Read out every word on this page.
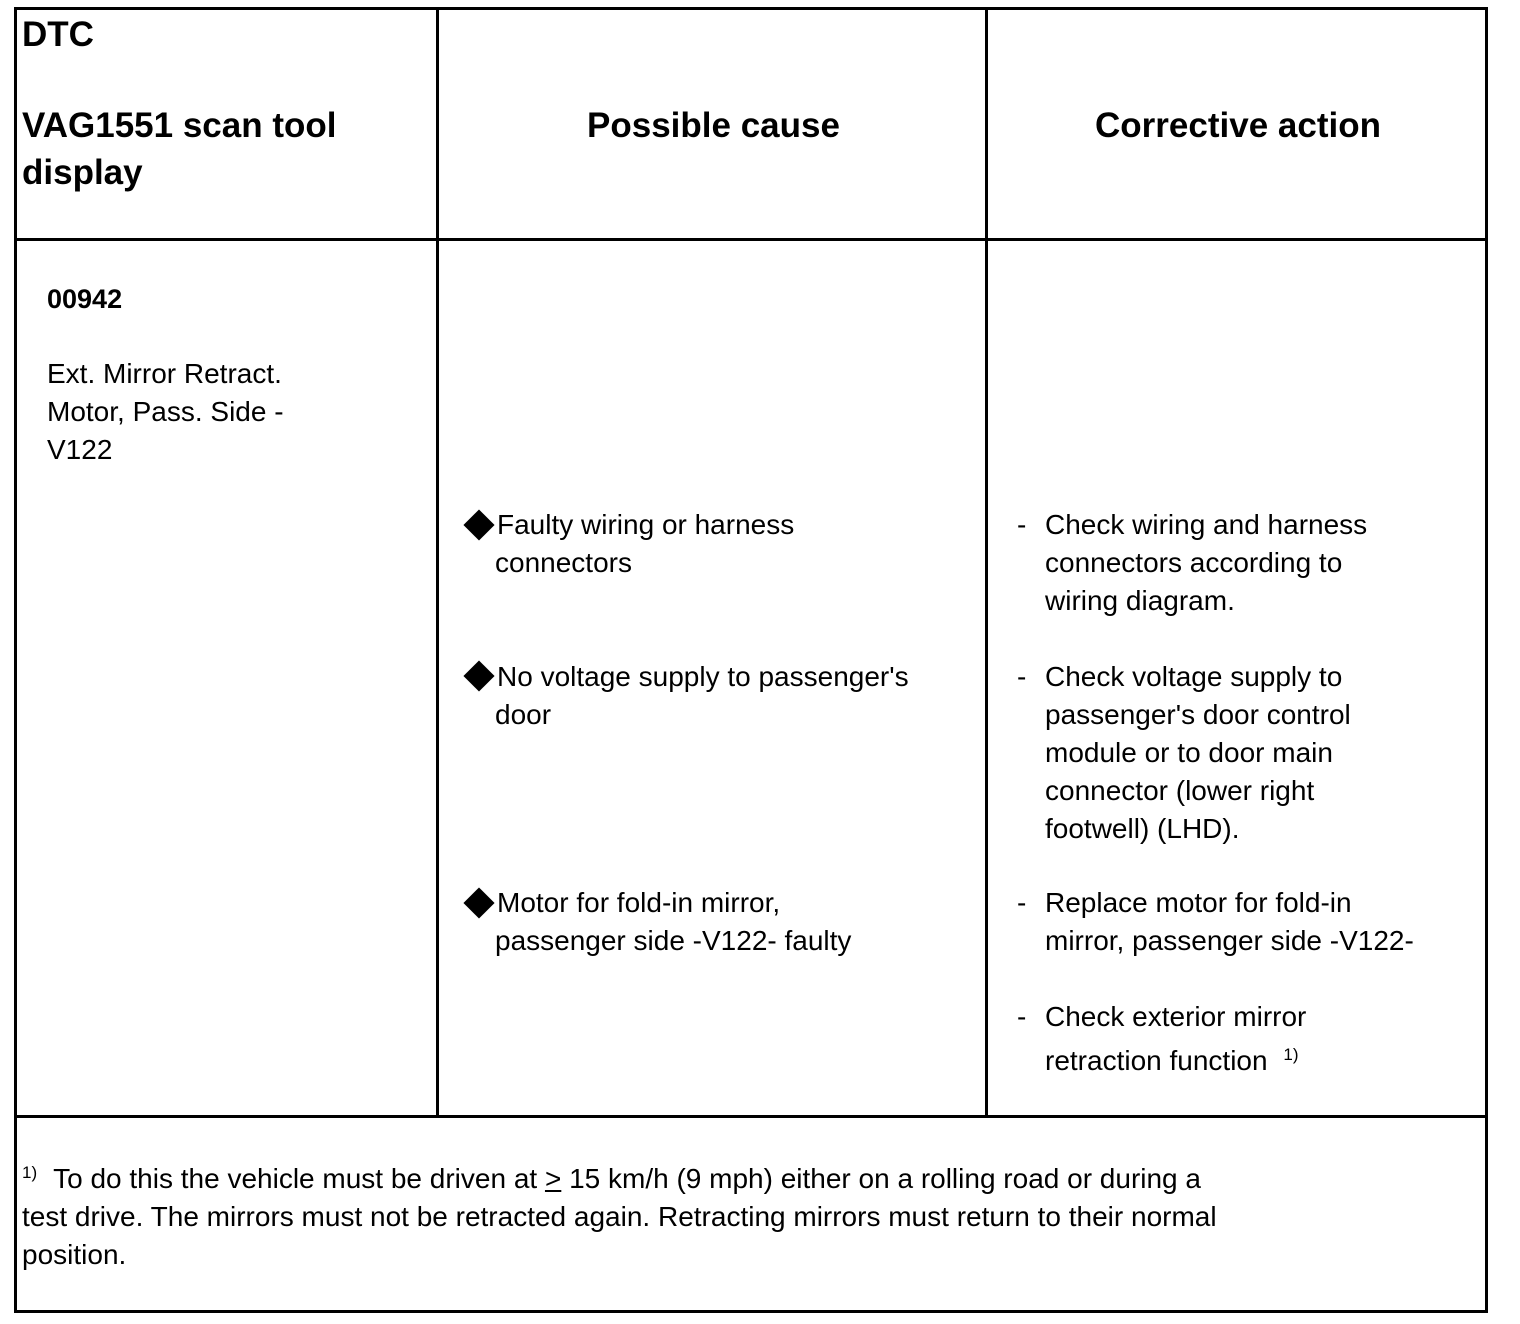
DTC
VAG1551 scan tool
display
Possible cause	Corrective action
00942
Ext. Mirror Retract.
Motor, Pass. Side -
V122
Faulty wiring or harness
connectors
No voltage supply to passenger's
door
Motor for fold-in mirror,
passenger side -V122- faulty
- Check wiring and harness
connectors according to
wiring diagram.
- Check voltage supply to
passenger's door control
module or to door main
connector (lower right
footwell) (LHD).
- Replace motor for fold-in
mirror, passenger side -V122-
- Check exterior mirror
retraction function $^{1)}$
$^{1)}$ To do this the vehicle must be driven at ≥ 15 km/h (9 mph) either on a rolling road or during a
test drive. The mirrors must not be retracted again. Retracting mirrors must return to their normal
position.
